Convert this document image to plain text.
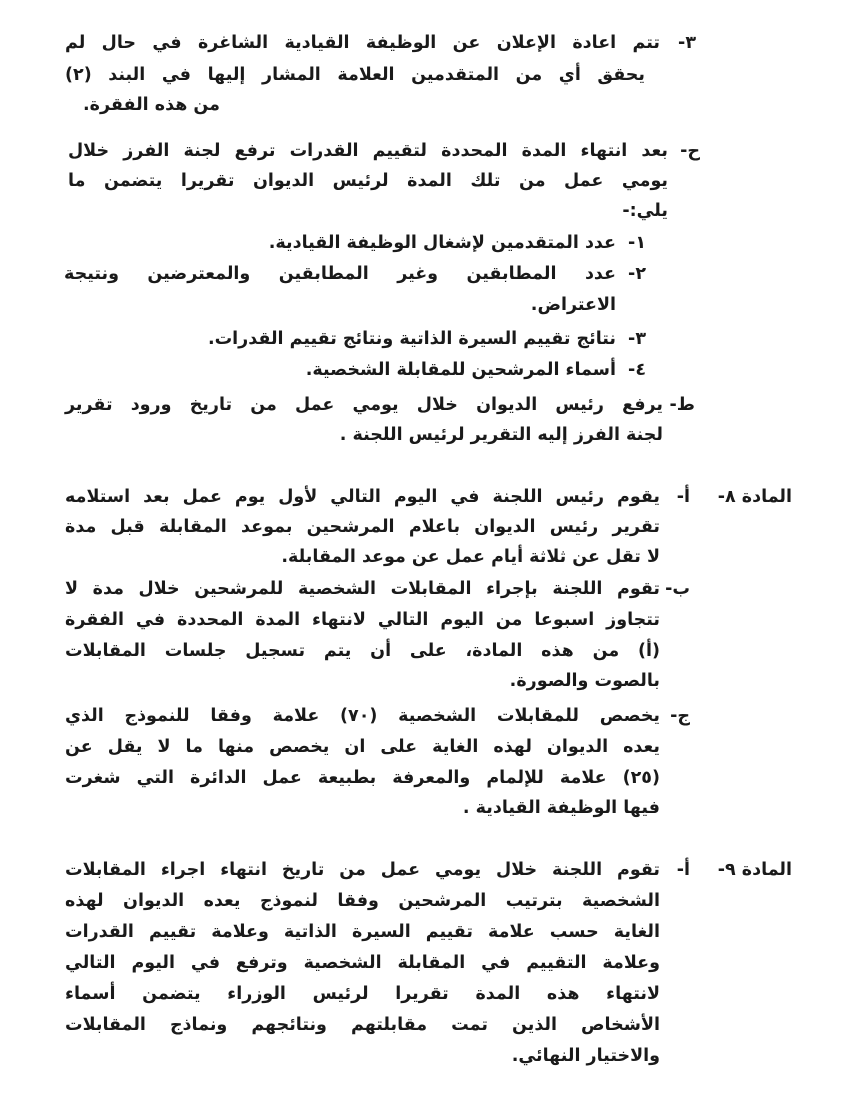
٣-
تتم اعادة الإعلان عن الوظيفة القيادية الشاغرة في حال لم
يحقق أي من المتقدمين العلامة المشار إليها في البند (٢)
من هذه الفقرة.
ح-
بعد انتهاء المدة المحددة لتقييم القدرات ترفع لجنة الفرز خلال
يومي عمل من تلك المدة لرئيس الديوان تقريرا يتضمن ما
يلي:-
١-
عدد المتقدمين لإشغال الوظيفة القيادية.
٢-
عدد المطابقين وغير المطابقين والمعترضين ونتيجة
الاعتراض.
٣-
نتائج تقييم السيرة الذاتية ونتائج تقييم القدرات.
٤-
أسماء المرشحين للمقابلة الشخصية.
ط-
يرفع رئيس الديوان خلال يومي عمل من تاريخ ورود تقرير
لجنة الفرز إليه التقرير لرئيس اللجنة .
المادة ٨-
أ-
يقوم رئيس اللجنة في اليوم التالي لأول يوم عمل بعد استلامه
تقرير رئيس الديوان باعلام المرشحين بموعد المقابلة قبل مدة
لا تقل عن ثلاثة أيام عمل عن موعد المقابلة.
ب-
تقوم اللجنة بإجراء المقابلات الشخصية للمرشحين خلال مدة لا
تتجاوز اسبوعا من اليوم التالي لانتهاء المدة المحددة في الفقرة
(أ) من هذه المادة، على أن يتم تسجيل جلسات المقابلات
بالصوت والصورة.
ج-
يخصص للمقابلات الشخصية (٧٠) علامة وفقا للنموذج الذي
يعده الديوان لهذه الغاية على ان يخصص منها ما لا يقل عن
(٢٥) علامة للإلمام والمعرفة بطبيعة عمل الدائرة التي شغرت
فيها الوظيفة القيادية .
المادة ٩-
أ-
تقوم اللجنة خلال يومي عمل من تاريخ انتهاء اجراء المقابلات
الشخصية بترتيب المرشحين وفقا لنموذج يعده الديوان لهذه
الغاية حسب علامة تقييم السيرة الذاتية وعلامة تقييم القدرات
وعلامة التقييم في المقابلة الشخصية وترفع في اليوم التالي
لانتهاء هذه المدة تقريرا لرئيس الوزراء يتضمن أسماء
الأشخاص الذين تمت مقابلتهم ونتائجهم ونماذج المقابلات
والاختيار النهائي.
